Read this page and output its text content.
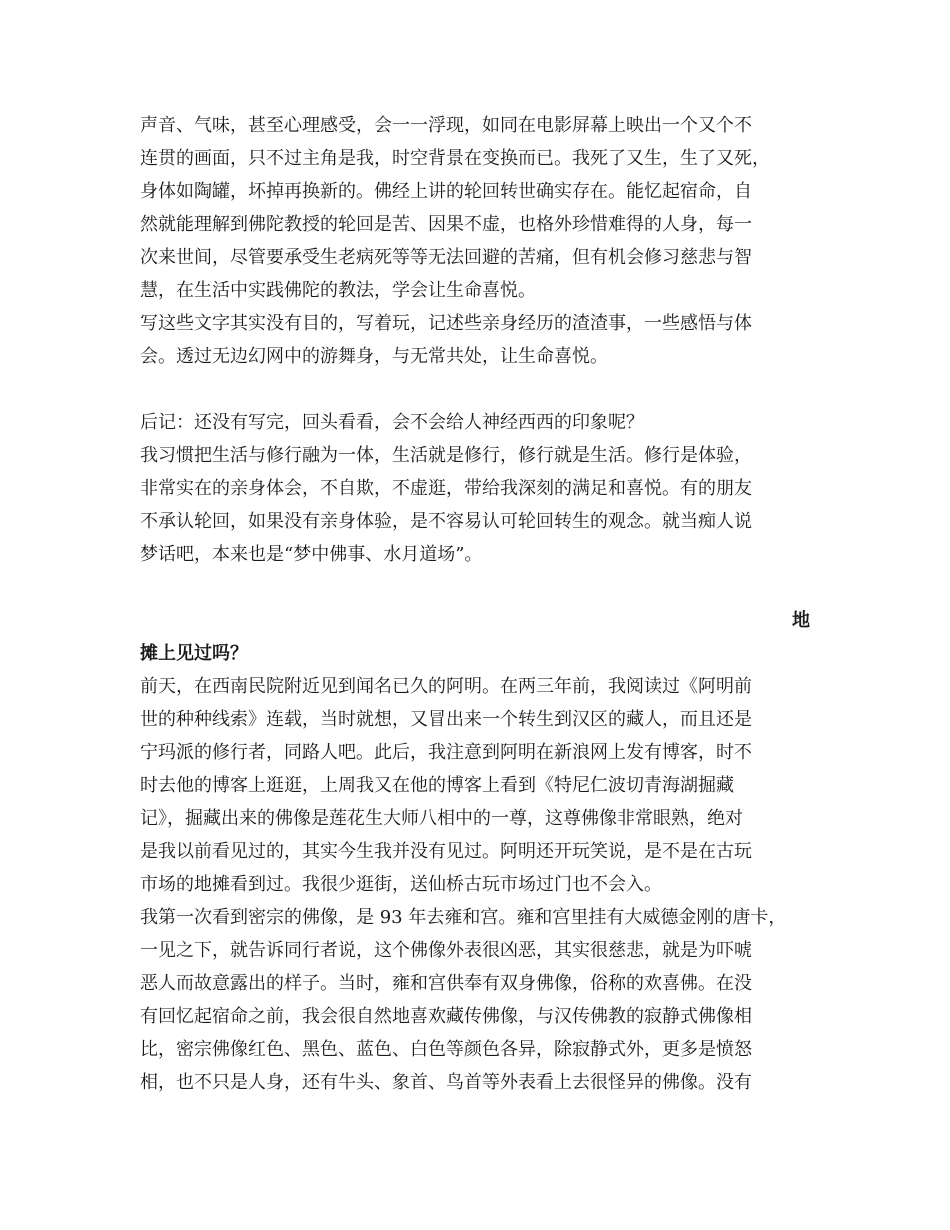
声音、气味，甚至心理感受，会一一浮现，如同在电影屏幕上映出一个又个不

连贯的画面，只不过主角是我，时空背景在变换而已。我死了又生，生了又死，

身体如陶罐，坏掉再换新的。佛经上讲的轮回转世确实存在。能忆起宿命，自

然就能理解到佛陀教授的轮回是苦、因果不虚，也格外珍惜难得的人身，每一

次来世间，尽管要承受生老病死等等无法回避的苦痛，但有机会修习慈悲与智

慧，在生活中实践佛陀的教法，学会让生命喜悦。

写这些文字其实没有目的，写着玩，记述些亲身经历的渣渣事，一些感悟与体

会。透过无边幻网中的游舞身，与无常共处，让生命喜悦。

后记：还没有写完，回头看看，会不会给人神经西西的印象呢？

我习惯把生活与修行融为一体，生活就是修行，修行就是生活。修行是体验，

非常实在的亲身体会，不自欺，不虚逛，带给我深刻的满足和喜悦。有的朋友

不承认轮回，如果没有亲身体验，是不容易认可轮回转生的观念。就当痴人说

梦话吧，本来也是“梦中佛事、水月道场”。

地

摊上见过吗？

前天，在西南民院附近见到闻名已久的阿明。在两三年前，我阅读过《阿明前

世的种种线索》连载，当时就想，又冒出来一个转生到汉区的藏人，而且还是

宁玛派的修行者，同路人吧。此后，我注意到阿明在新浪网上发有博客，时不

时去他的博客上逛逛，上周我又在他的博客上看到《特尼仁波切青海湖掘藏

记》，掘藏出来的佛像是莲花生大师八相中的一尊，这尊佛像非常眼熟，绝对

是我以前看见过的，其实今生我并没有见过。阿明还开玩笑说，是不是在古玩

市场的地摊看到过。我很少逛街，送仙桥古玩市场过门也不会入。

我第一次看到密宗的佛像，是 93 年去雍和宫。雍和宫里挂有大威德金刚的唐卡，

一见之下，就告诉同行者说，这个佛像外表很凶恶，其实很慈悲，就是为吓唬

恶人而故意露出的样子。当时，雍和宫供奉有双身佛像，俗称的欢喜佛。在没

有回忆起宿命之前，我会很自然地喜欢藏传佛像，与汉传佛教的寂静式佛像相

比，密宗佛像红色、黑色、蓝色、白色等颜色各异，除寂静式外，更多是愤怒

相，也不只是人身，还有牛头、象首、鸟首等外表看上去很怪异的佛像。没有
